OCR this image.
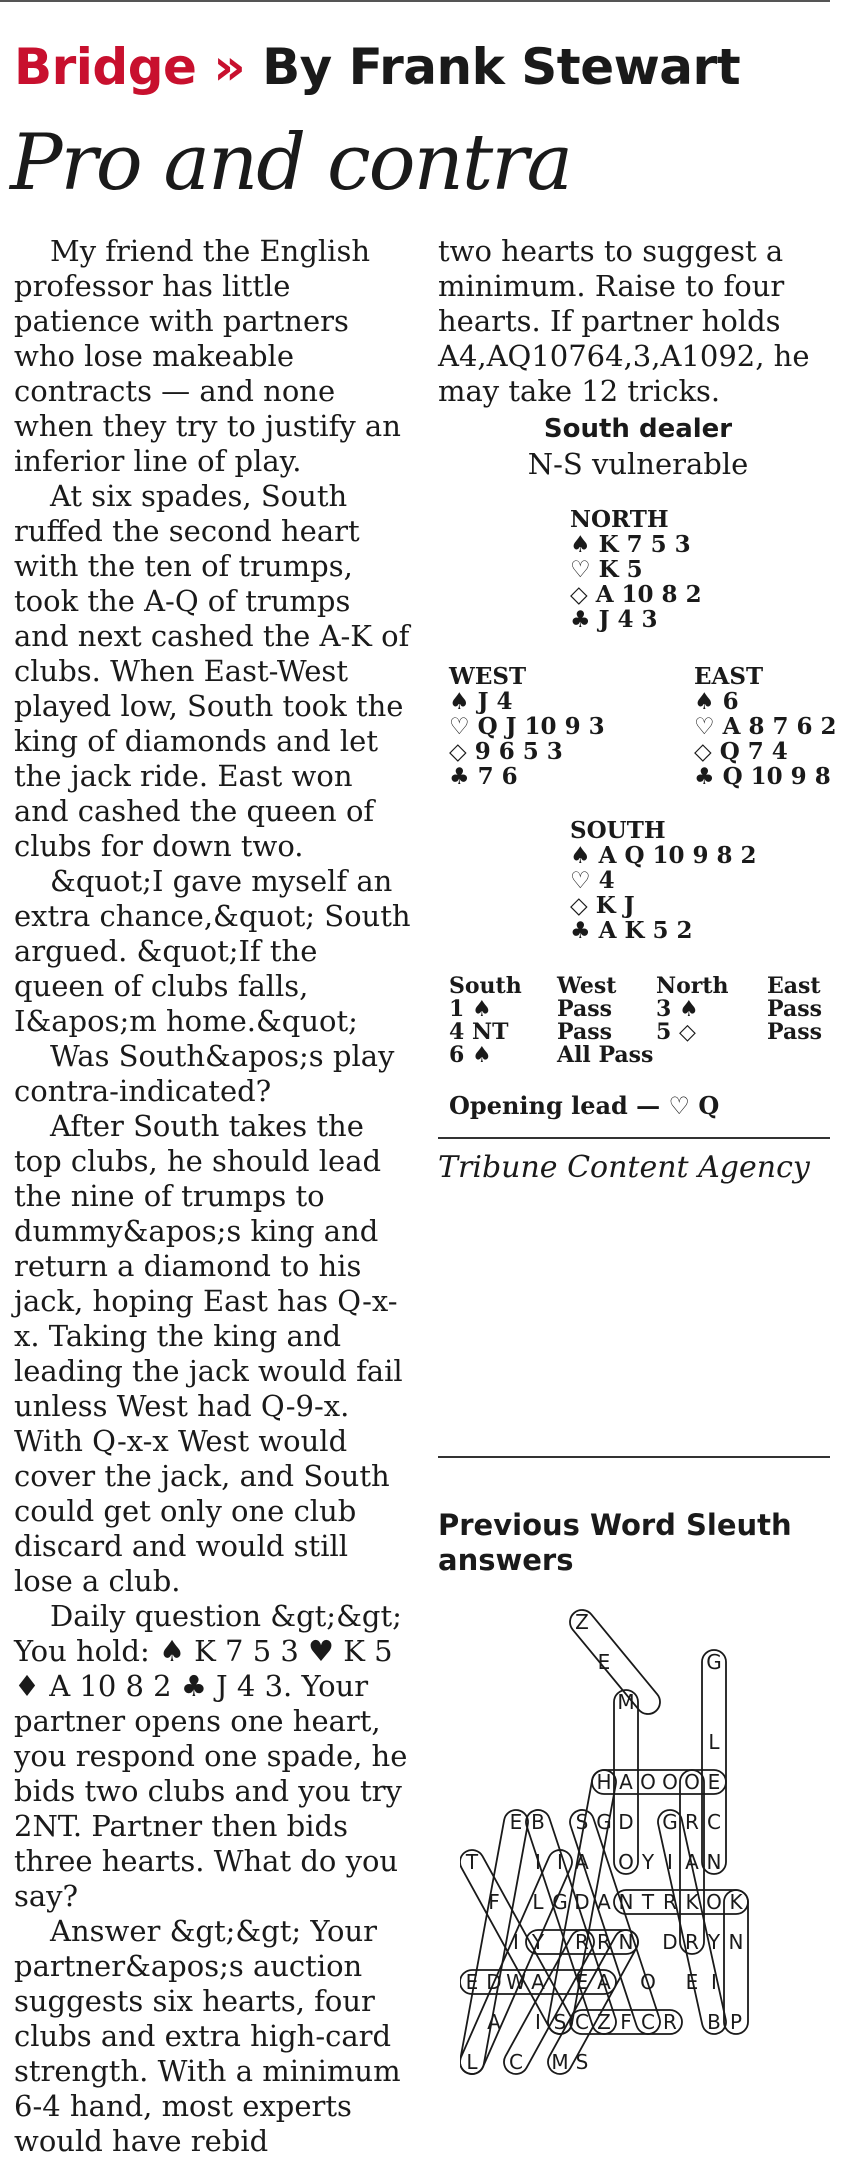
Bridge » By Frank Stewart
Pro and contra

My friend the English professor has little patience with partners who lose makeable contracts — and none when they try to justify an inferior line of play.

At six spades, South ruffed the second heart with the ten of trumps, took the A-Q of trumps and next cashed the A-K of clubs. When East-West played low, South took the king of diamonds and let the jack ride. East won and cashed the queen of clubs for down two.

&quot;I gave myself an extra chance,&quot; South argued. &quot;If the queen of clubs falls, I&apos;m home.&quot;

Was South&apos;s play contra-indicated?

After South takes the top clubs, he should lead the nine of trumps to dummy&apos;s king and return a diamond to his jack, hoping East has Q-x-x. Taking the king and leading the jack would fail unless West had Q-9-x. With Q-x-x West would cover the jack, and South could get only one club discard and would still lose a club.

Daily question &gt;&gt; You hold: ♠ K 7 5 3 ♥ K 5 ♦ A 10 8 2 ♣ J 4 3. Your partner opens one heart, you respond one spade, he bids two clubs and you try 2NT. Partner then bids three hearts. What do you say?

Answer &gt;&gt; Your partner&apos;s auction suggests six hearts, four clubs and extra high-card strength. With a minimum 6-4 hand, most experts would have rebid

two hearts to suggest a minimum. Raise to four hearts. If partner holds A4,AQ10764,3,A1092, he may take 12 tricks.

South dealer
N-S vulnerable
NORTH
♠ K 7 5 3
♡ K 5
◇ A 10 8 2
♣ J 4 3
WEST
♠ J 4
♡ Q J 10 9 3
◇ 9 6 5 3
♣ 7 6
EAST
♠ 6
♡ A 8 7 6 2
◇ Q 7 4
♣ Q 10 9 8
SOUTH
♠ A Q 10 9 8 2
♡ 4
◇ K J
♣ A K 5 2
South West North East
1 ♠	Pass 3 ♠	Pass
4 NT Pass 5 ◇	Pass
6 ♠	All Pass
Opening lead — ♡ Q
Tribune Content Agency
Previous Word Sleuth answers
Z
E	G
M
L
H A O O O E
E B S G D G R C
T	I I A O Y I A N
F L G D A N T R K O K
I Y R R N D R Y N
E D W A E A O E I
A I S C Z F C R B P
L C M S
